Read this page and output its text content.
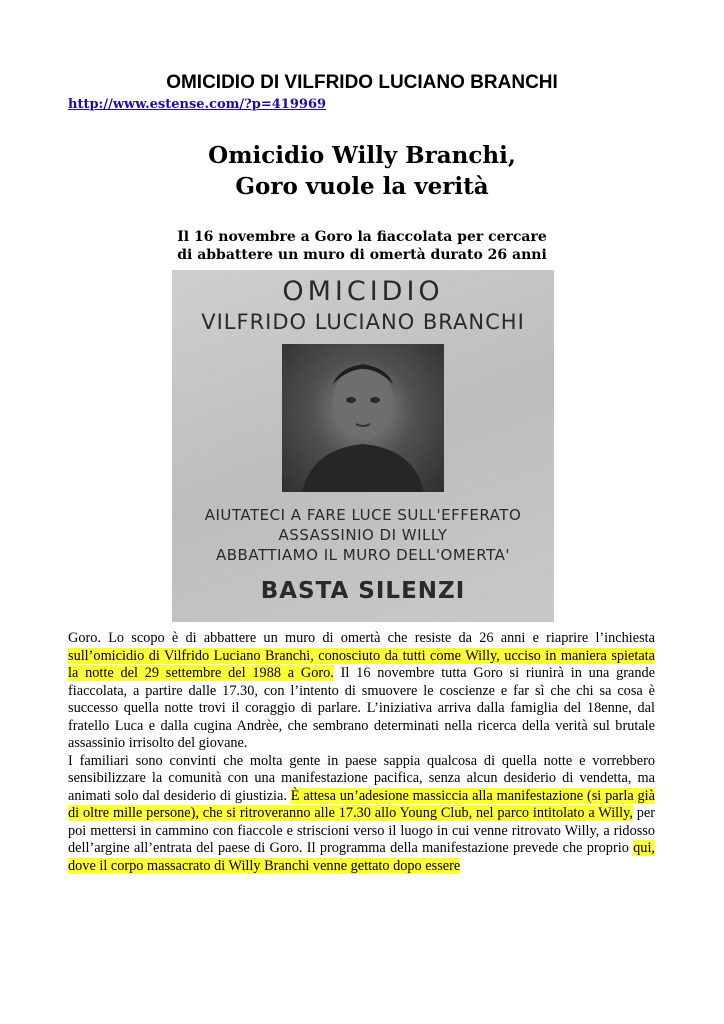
OMICIDIO DI VILFRIDO LUCIANO BRANCHI
http://www.estense.com/?p=419969
Omicidio Willy Branchi,
Goro vuole la verità
Il 16 novembre a Goro la fiaccolata per cercare
di abbattere un muro di omertà durato 26 anni

OMICIDIO

VILFRIDO LUCIANO BRANCHI

AIUTATECI A FARE LUCE SULL'EFFERATO

ASSASSINIO DI WILLY

ABBATTIAMO IL MURO DELL'OMERTA'

BASTA SILENZI

Goro. Lo scopo è di abbattere un muro di omertà che resiste da 26 anni e riaprire l’inchiesta sull’omicidio di Vilfrido Luciano Branchi, conosciuto da tutti come Willy, ucciso in maniera spietata la notte del 29 settembre del 1988 a Goro. Il 16 novembre tutta Goro si riunirà in una grande fiaccolata, a partire dalle 17.30, con l’intento di smuovere le coscienze e far sì che chi sa cosa è successo quella notte trovi il coraggio di parlare. L’iniziativa arriva dalla famiglia del 18enne, dal fratello Luca e dalla cugina Andrèe, che sembrano determinati nella ricerca della verità sul brutale assassinio irrisolto del giovane.

I familiari sono convinti che molta gente in paese sappia qualcosa di quella notte e vorrebbero sensibilizzare la comunità con una manifestazione pacifica, senza alcun desiderio di vendetta, ma animati solo dal desiderio di giustizia. È attesa un’adesione massiccia alla manifestazione (si parla già di oltre mille persone), che si ritroveranno alle 17.30 allo Young Club, nel parco intitolato a Willy, per poi mettersi in cammino con fiaccole e striscioni verso il luogo in cui venne ritrovato Willy, a ridosso dell’argine all’entrata del paese di Goro. Il programma della manifestazione prevede che proprio qui, dove il corpo massacrato di Willy Branchi venne gettato dopo essere
